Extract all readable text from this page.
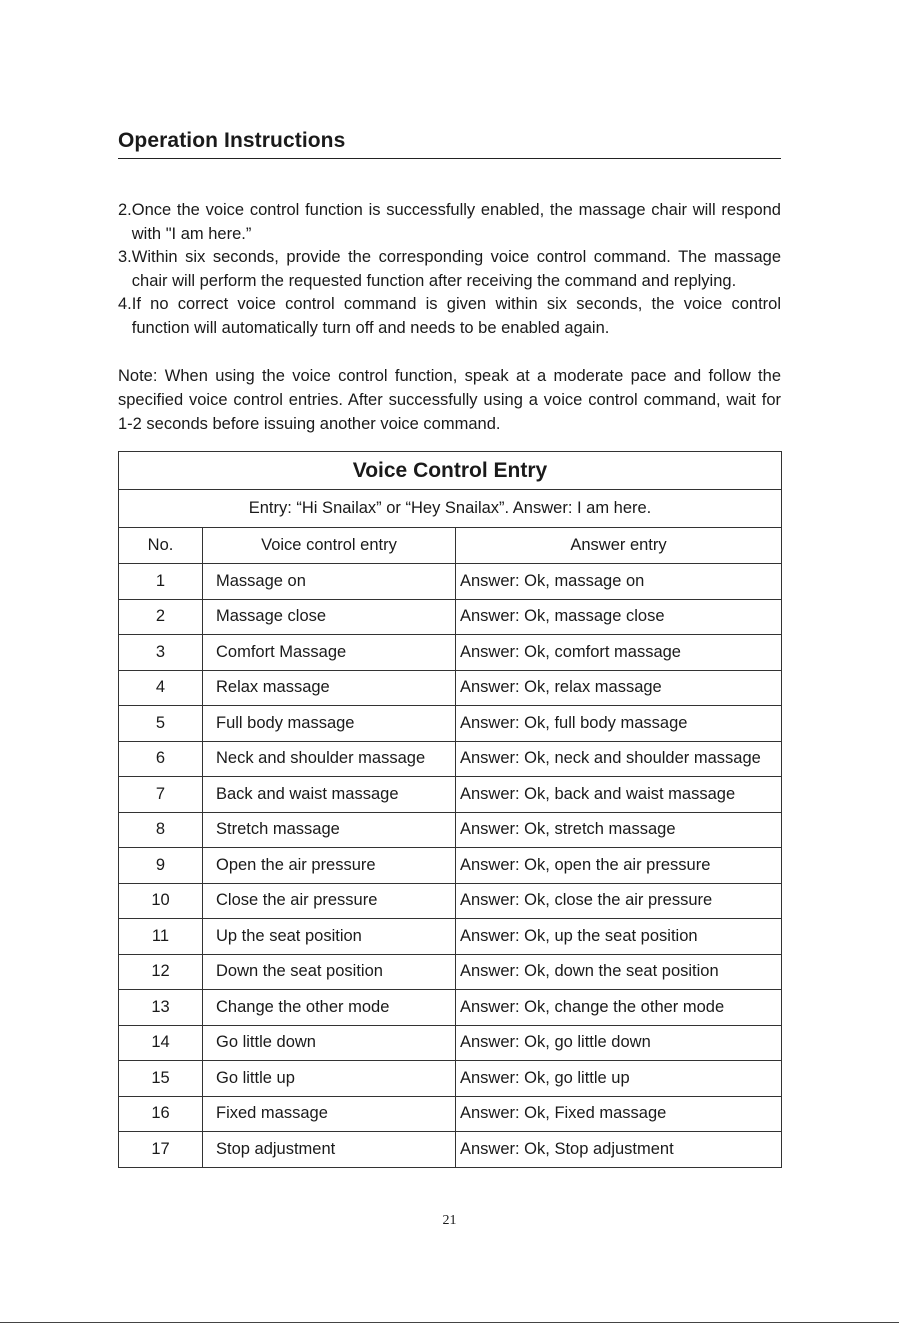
Operation Instructions
2. Once the voice control function is successfully enabled, the massage chair will respond with "I am here.”
3. Within six seconds, provide the corresponding voice control command. The massage chair will perform the requested function after receiving the command and replying.
4. If no correct voice control command is given within six seconds, the voice control function will automatically turn off and needs to be enabled again.
Note: When using the voice control function, speak at a moderate pace and follow the specified voice control entries. After successfully using a voice control command, wait for 1-2 seconds before issuing another voice command.
Voice Control Entry		
Entry: “Hi Snailax” or “Hey Snailax”. Answer: I am here.		
No.	Voice control entry	Answer entry
1	Massage on	Answer: Ok, massage on
2	Massage close	Answer: Ok, massage close
3	Comfort Massage	Answer: Ok, comfort massage
4	Relax massage	Answer: Ok, relax massage
5	Full body massage	Answer: Ok, full body massage
6	Neck and shoulder massage	Answer: Ok, neck and shoulder massage
7	Back and waist massage	Answer: Ok, back and waist massage
8	Stretch massage	Answer: Ok, stretch massage
9	Open the air pressure	Answer: Ok, open the air pressure
10	Close the air pressure	Answer: Ok, close the air pressure
11	Up the seat position	Answer: Ok, up the seat position
12	Down the seat position	Answer: Ok, down the seat position
13	Change the other mode	Answer: Ok, change the other mode
14	Go little down	Answer: Ok, go little down
15	Go little up	Answer: Ok, go little up
16	Fixed massage	Answer: Ok, Fixed massage
17	Stop adjustment	Answer: Ok, Stop adjustment
21
